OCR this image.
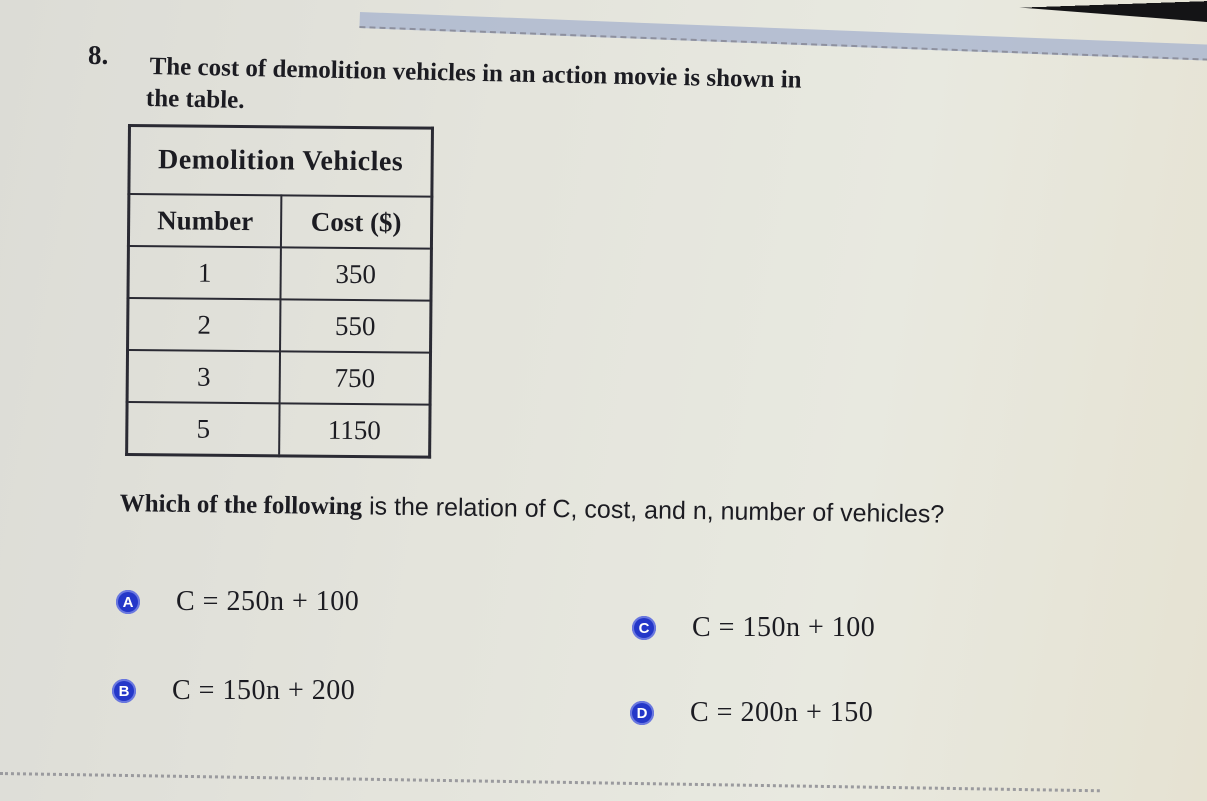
8. The cost of demolition vehicles in an action movie is shown in
the table.
Demolition Vehicles	
Number	Cost ($)
1	350
2	550
3	750
5	1150
Which of the following is the relation of C, cost, and n, number of vehicles?
A C = 250n + 100
B C = 150n + 200
C C = 150n + 100
D C = 200n + 150
